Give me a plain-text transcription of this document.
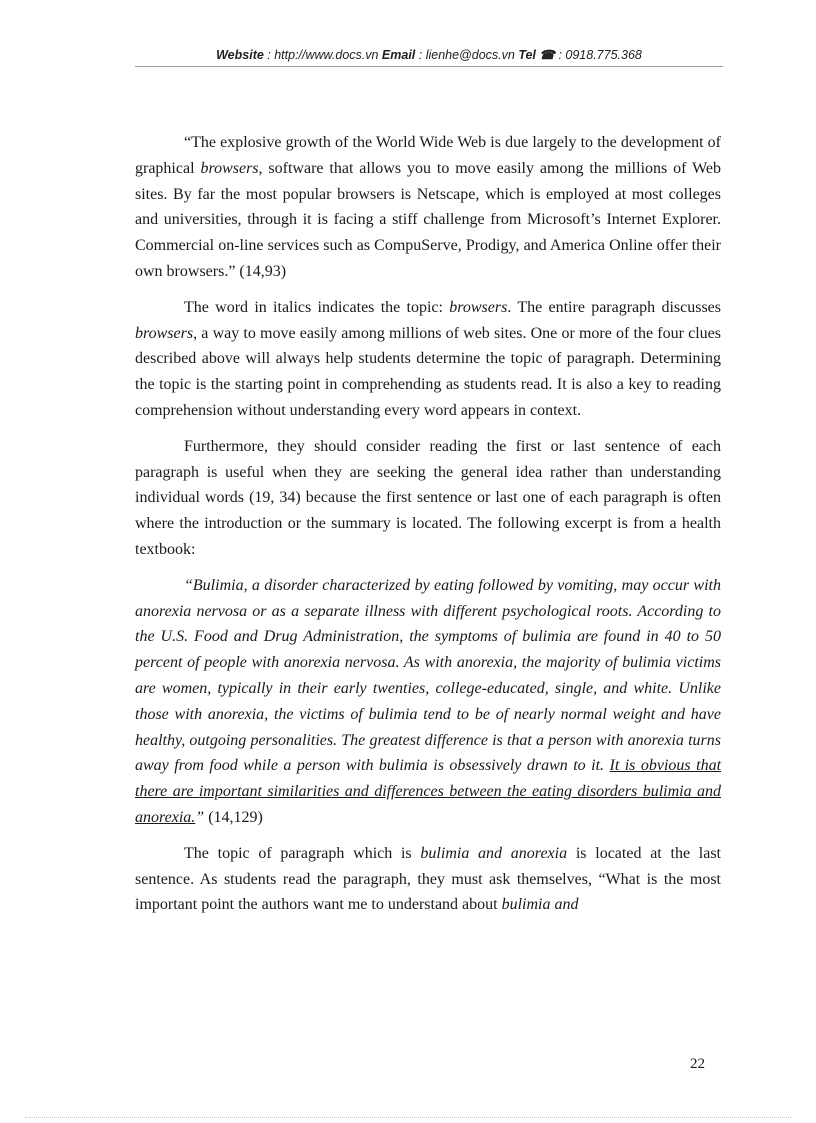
Website : http://www.docs.vn Email : lienhe@docs.vn Tel ☎ : 0918.775.368

“The explosive growth of the World Wide Web is due largely to the development of graphical browsers, software that allows you to move easily among the millions of Web sites. By far the most popular browsers is Netscape, which is employed at most colleges and universities, through it is facing a stiff challenge from Microsoft’s Internet Explorer. Commercial on-line services such as CompuServe, Prodigy, and America Online offer their own browsers.” (14,93)

The word in italics indicates the topic: browsers. The entire paragraph discusses browsers, a way to move easily among millions of web sites. One or more of the four clues described above will always help students determine the topic of paragraph. Determining the topic is the starting point in comprehending as students read. It is also a key to reading comprehension without understanding every word appears in context.

Furthermore, they should consider reading the first or last sentence of each paragraph is useful when they are seeking the general idea rather than understanding individual words (19, 34) because the first sentence or last one of each paragraph is often where the introduction or the summary is located. The following excerpt is from a health textbook:

“Bulimia, a disorder characterized by eating followed by vomiting, may occur with anorexia nervosa or as a separate illness with different psychological roots. According to the U.S. Food and Drug Administration, the symptoms of bulimia are found in 40 to 50 percent of people with anorexia nervosa. As with anorexia, the majority of bulimia victims are women, typically in their early twenties, college-educated, single, and white. Unlike those with anorexia, the victims of bulimia tend to be of nearly normal weight and have healthy, outgoing personalities. The greatest difference is that a person with anorexia turns away from food while a person with bulimia is obsessively drawn to it. It is obvious that there are important similarities and differences between the eating disorders bulimia and anorexia.” (14,129)

The topic of paragraph which is bulimia and anorexia is located at the last sentence. As students read the paragraph, they must ask themselves, “What is the most important point the authors want me to understand about bulimia and

22
